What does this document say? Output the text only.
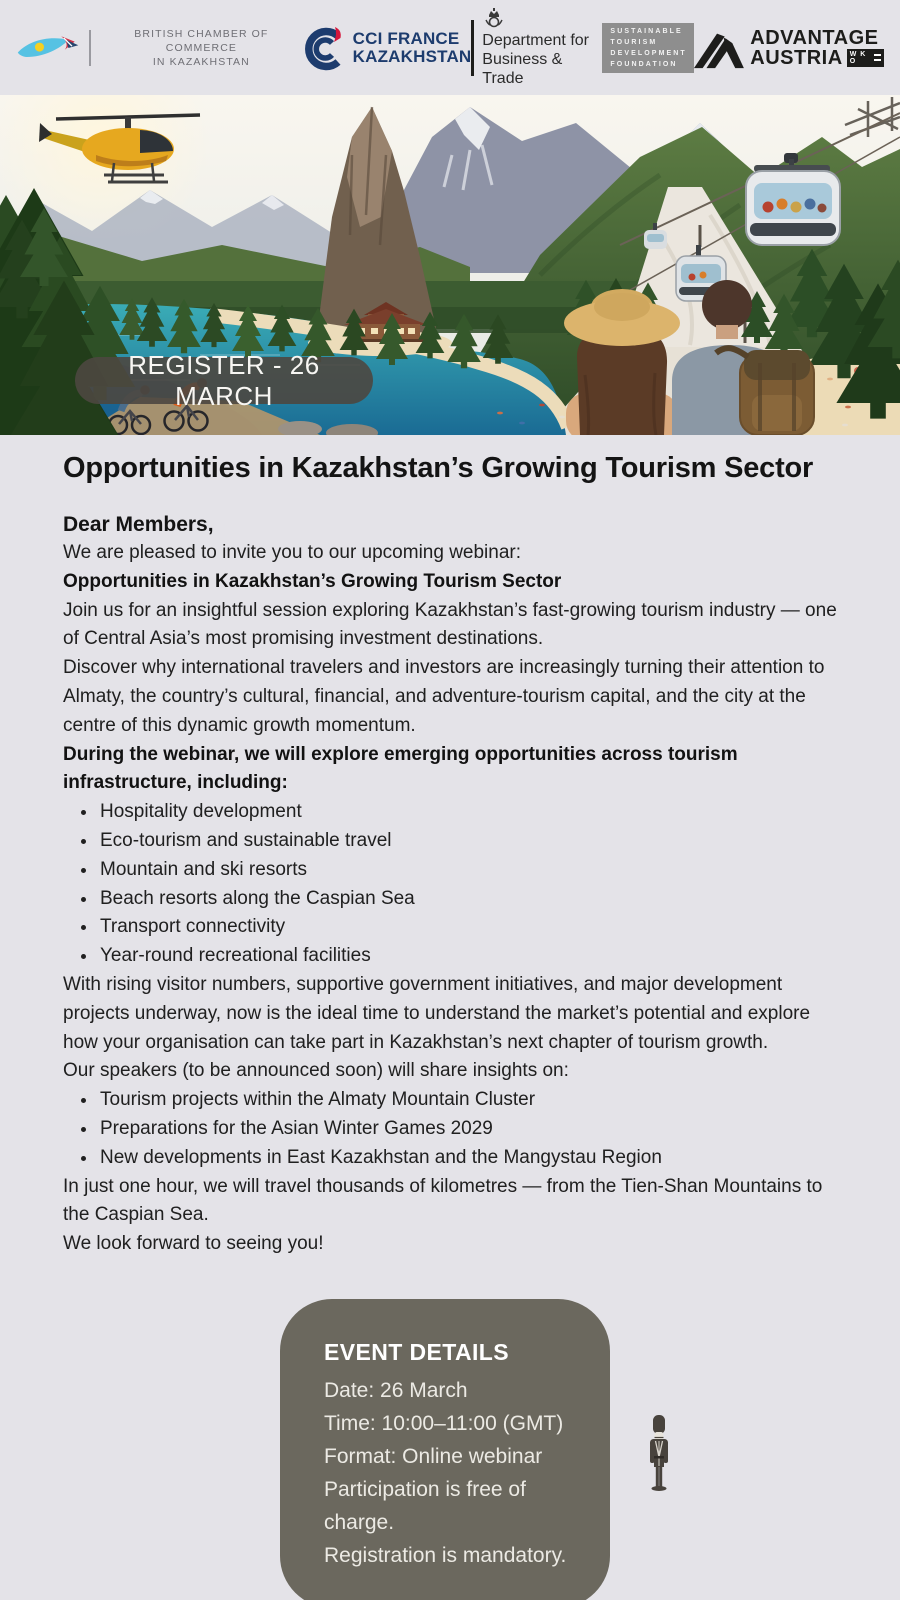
BRITISH CHAMBER OF COMMERCE
IN KAZAKHSTAN
CCI FRANCE
KAZAKHSTAN
Department for
Business & Trade
SUSTAINABLE
TOURISM
DEVELOPMENT
FOUNDATION
ADVANTAGE
AUSTRIA W K O
REGISTER - 26 MARCH
Opportunities in Kazakhstan’s Growing Tourism Sector
Dear Members,

We are pleased to invite you to our upcoming webinar:

Opportunities in Kazakhstan’s Growing Tourism Sector

Join us for an insightful session exploring Kazakhstan’s fast-growing tourism industry — one of Central Asia’s most promising investment destinations.

Discover why international travelers and investors are increasingly turning their attention to Almaty, the country’s cultural, financial, and adventure-tourism capital, and the city at the centre of this dynamic growth momentum.

During the webinar, we will explore emerging opportunities across tourism infrastructure, including:

• Hospitality development
• Eco-tourism and sustainable travel
• Mountain and ski resorts
• Beach resorts along the Caspian Sea
• Transport connectivity
• Year-round recreational facilities

With rising visitor numbers, supportive government initiatives, and major development projects underway, now is the ideal time to understand the market’s potential and explore how your organisation can take part in Kazakhstan’s next chapter of tourism growth.

Our speakers (to be announced soon) will share insights on:

• Tourism projects within the Almaty Mountain Cluster
• Preparations for the Asian Winter Games 2029
• New developments in East Kazakhstan and the Mangystau Region

In just one hour, we will travel thousands of kilometres — from the Tien-Shan Mountains to the Caspian Sea.

We look forward to seeing you!

EVENT DETAILS

Date: 26 March

Time: 10:00–11:00 (GMT)

Format: Online webinar

Participation is free of charge.

Registration is mandatory.
